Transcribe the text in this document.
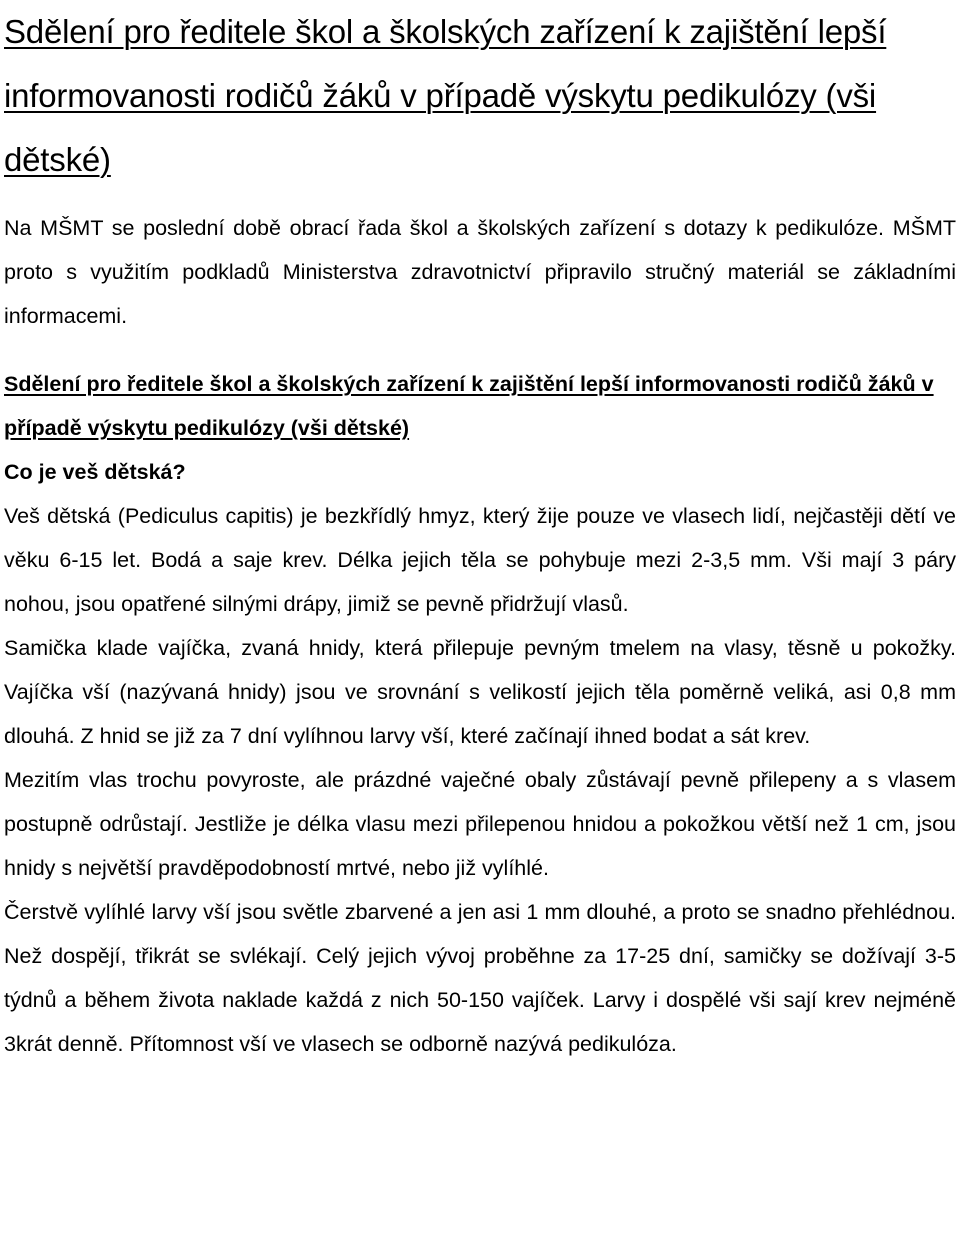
Sdělení pro ředitele škol a školských zařízení k zajištění lepší informovanosti rodičů žáků v případě výskytu pedikulózy (vši dětské)

Na MŠMT se poslední době obrací řada škol a školských zařízení s dotazy k pedikulóze. MŠMT proto s využitím podkladů Ministerstva zdravotnictví připravilo stručný materiál se základními informacemi.

Sdělení pro ředitele škol a školských zařízení k zajištění lepší informovanosti rodičů žáků v případě výskytu pedikulózy (vši dětské)

Co je veš dětská?

Veš dětská (Pediculus capitis) je bezkřídlý hmyz, který žije pouze ve vlasech lidí, nejčastěji dětí ve věku 6-15 let. Bodá a saje krev. Délka jejich těla se pohybuje mezi 2-3,5 mm. Vši mají 3 páry nohou, jsou opatřené silnými drápy, jimiž se pevně přidržují vlasů.

Samička klade vajíčka, zvaná hnidy, která přilepuje pevným tmelem na vlasy, těsně u pokožky. Vajíčka vší (nazývaná hnidy) jsou ve srovnání s velikostí jejich těla poměrně veliká, asi 0,8 mm dlouhá. Z hnid se již za 7 dní vylíhnou larvy vší, které začínají ihned bodat a sát krev.

Mezitím vlas trochu povyroste, ale prázdné vaječné obaly zůstávají pevně přilepeny a s vlasem postupně odrůstají. Jestliže je délka vlasu mezi přilepenou hnidou a pokožkou větší než 1 cm, jsou hnidy s největší pravděpodobností mrtvé, nebo již vylíhlé.

Čerstvě vylíhlé larvy vší jsou světle zbarvené a jen asi 1 mm dlouhé, a proto se snadno přehlédnou. Než dospějí, třikrát se svlékají. Celý jejich vývoj proběhne za 17-25 dní, samičky se dožívají 3-5 týdnů a během života naklade každá z nich 50-150 vajíček. Larvy i dospělé vši sají krev nejméně 3krát denně. Přítomnost vší ve vlasech se odborně nazývá pedikulóza.
